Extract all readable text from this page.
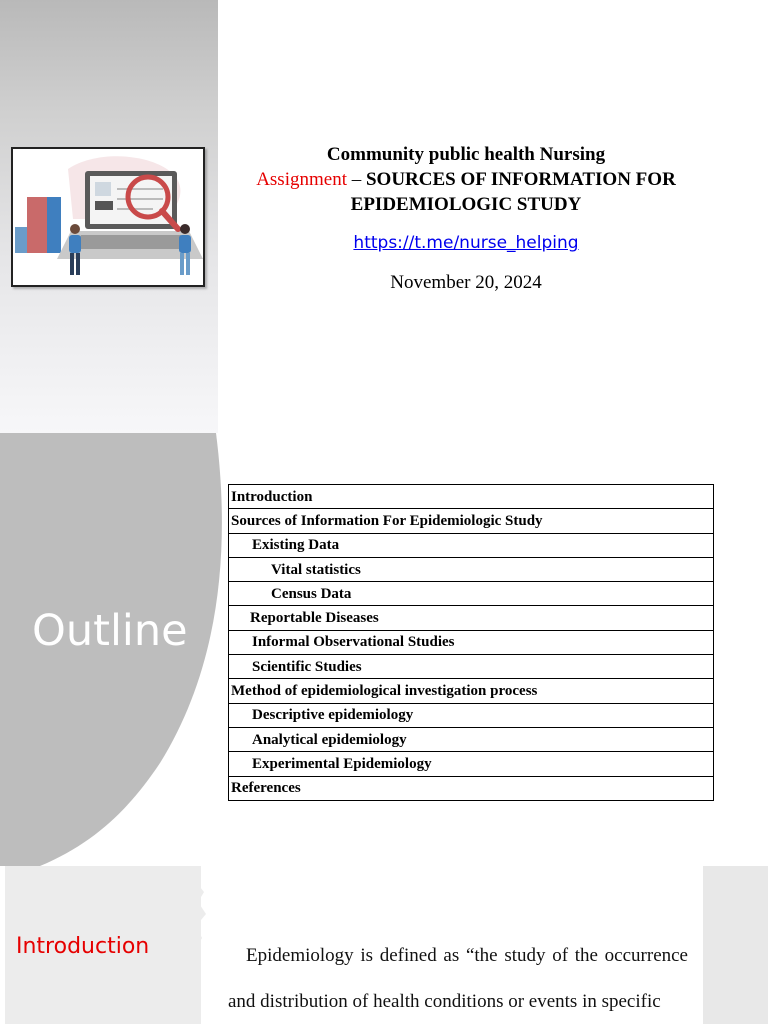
Community public health Nursing
Assignment – SOURCES OF INFORMATION FOR EPIDEMIOLOGIC STUDY
https://t.me/nurse_helping
November 20, 2024
Outline
Introduction
Sources of Information For Epidemiologic Study
Existing Data
Vital statistics
Census Data
Reportable Diseases
Informal Observational Studies
Scientific Studies
Method of epidemiological investigation process
Descriptive epidemiology
Analytical epidemiology
Experimental Epidemiology
References
Introduction	Epidemiology is defined as “the study of the occurrence and distribution of health conditions or events in specific
